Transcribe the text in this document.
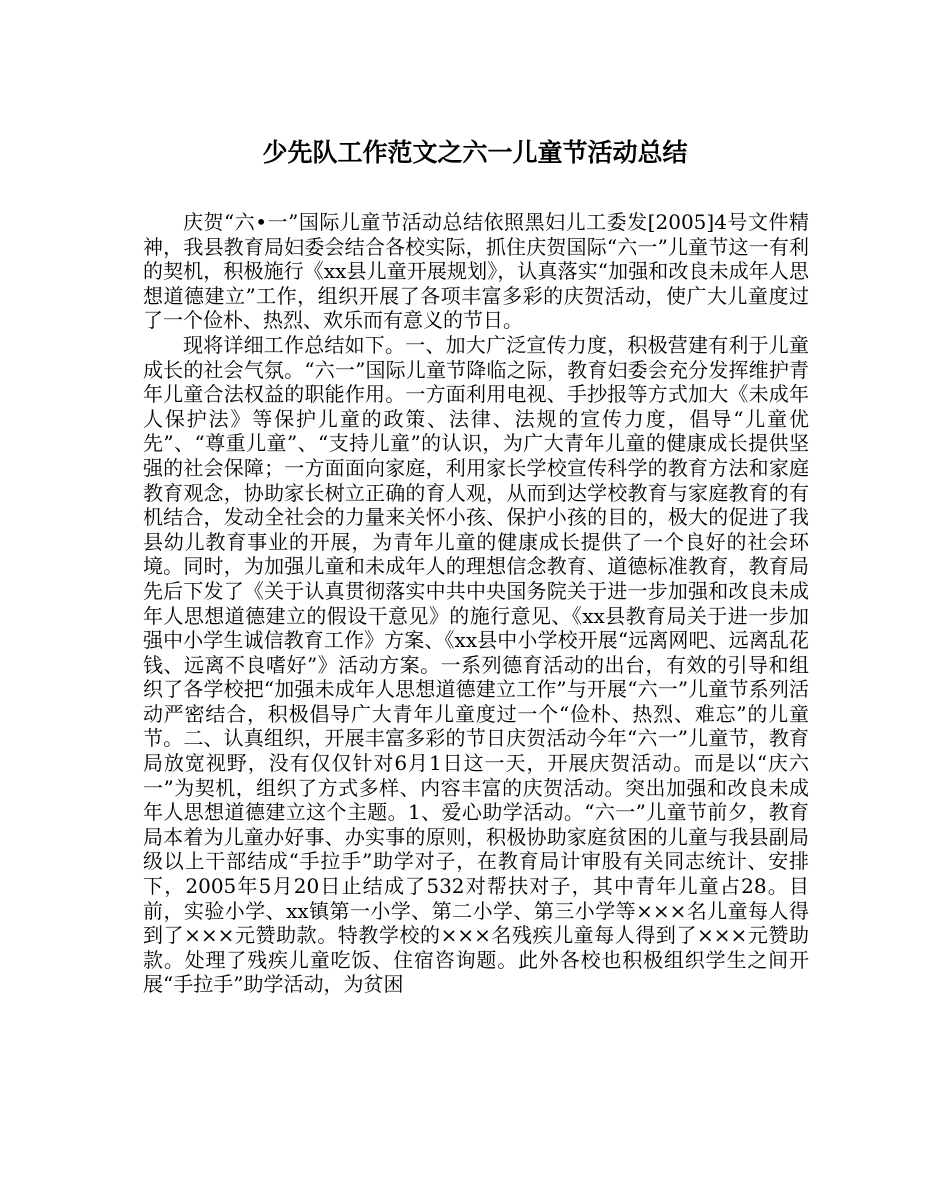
少先队工作范文之六一儿童节活动总结

庆贺“六•一”国际儿童节活动总结依照黑妇儿工委发[2005]4号文件精神，我县教育局妇委会结合各校实际，抓住庆贺国际“六一”儿童节这一有利的契机，积极施行《xx县儿童开展规划》，认真落实“加强和改良未成年人思想道德建立”工作，组织开展了各项丰富多彩的庆贺活动，使广大儿童度过了一个俭朴、热烈、欢乐而有意义的节日。

现将详细工作总结如下。一、加大广泛宣传力度，积极营建有利于儿童成长的社会气氛。“六一”国际儿童节降临之际，教育妇委会充分发挥维护青年儿童合法权益的职能作用。一方面利用电视、手抄报等方式加大《未成年人保护法》等保护儿童的政策、法律、法规的宣传力度，倡导“儿童优先”、“尊重儿童”、“支持儿童”的认识，为广大青年儿童的健康成长提供坚强的社会保障；一方面面向家庭，利用家长学校宣传科学的教育方法和家庭教育观念，协助家长树立正确的育人观，从而到达学校教育与家庭教育的有机结合，发动全社会的力量来关怀小孩、保护小孩的目的，极大的促进了我县幼儿教育事业的开展，为青年儿童的健康成长提供了一个良好的社会环境。同时，为加强儿童和未成年人的理想信念教育、道德标准教育，教育局先后下发了《关于认真贯彻落实中共中央国务院关于进一步加强和改良未成年人思想道德建立的假设干意见》的施行意见、《xx县教育局关于进一步加强中小学生诚信教育工作》方案、《xx县中小学校开展“远离网吧、远离乱花钱、远离不良嗜好”》活动方案。一系列德育活动的出台，有效的引导和组织了各学校把“加强未成年人思想道德建立工作”与开展“六一”儿童节系列活动严密结合，积极倡导广大青年儿童度过一个“俭朴、热烈、难忘”的儿童节。二、认真组织，开展丰富多彩的节日庆贺活动今年“六一”儿童节，教育局放宽视野，没有仅仅针对6月1日这一天，开展庆贺活动。而是以“庆六一”为契机，组织了方式多样、内容丰富的庆贺活动。突出加强和改良未成年人思想道德建立这个主题。1、爱心助学活动。“六一”儿童节前夕，教育局本着为儿童办好事、办实事的原则，积极协助家庭贫困的儿童与我县副局级以上干部结成“手拉手”助学对子，在教育局计审股有关同志统计、安排下，2005年5月20日止结成了532对帮扶对子，其中青年儿童占28。目前，实验小学、xx镇第一小学、第二小学、第三小学等×××名儿童每人得到了×××元赞助款。特教学校的×××名残疾儿童每人得到了×××元赞助款。处理了残疾儿童吃饭、住宿咨询题。此外各校也积极组织学生之间开展“手拉手”助学活动，为贫困
